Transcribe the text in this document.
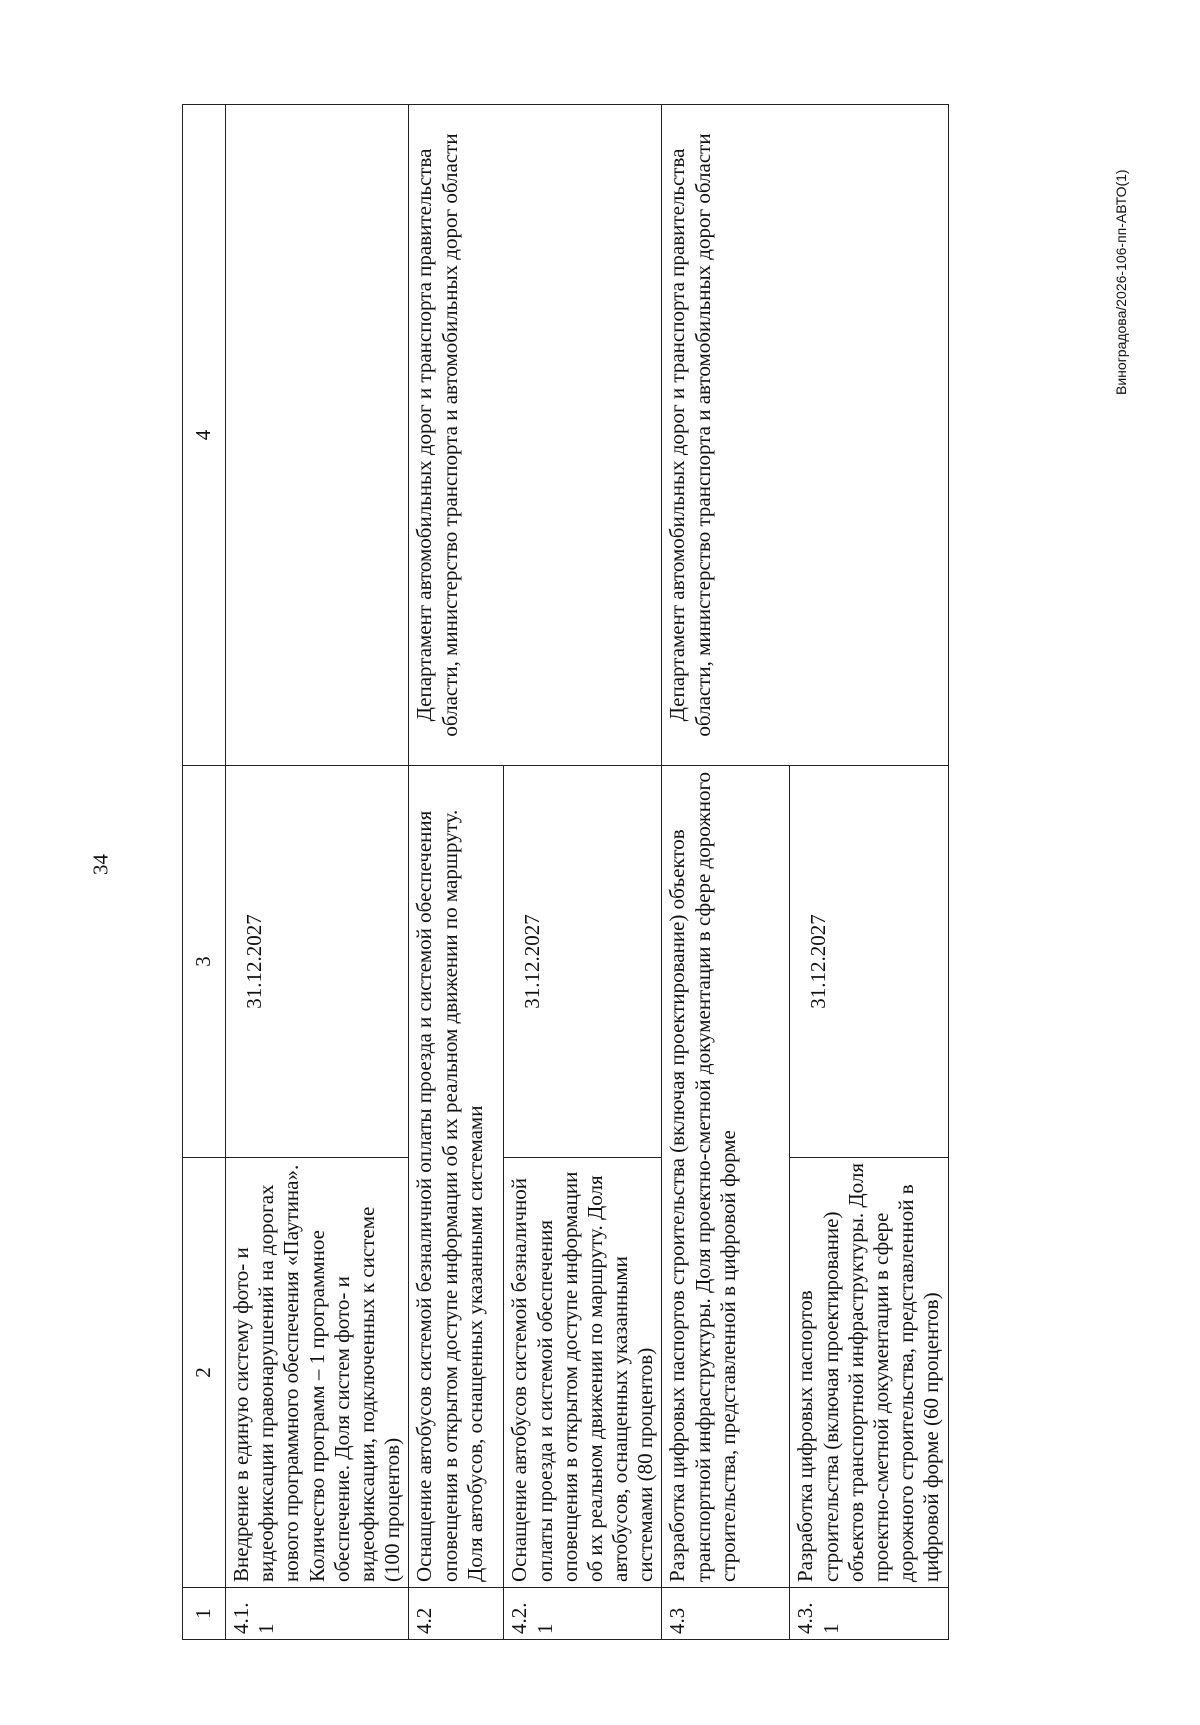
34
Виноградова/2026-106-пп-АВТО(1)
1	2	3	4
4.1.1	Внедрение в единую систему фото- и видеофиксации правонарушений на дорогах нового программного обеспечения «Паутина». Количество программ – 1 программное обеспечение. Доля систем фото- и видеофиксации, подключенных к системе (100 процентов)	31.12.2027	
4.2	Оснащение автобусов системой безналичной оплаты проезда и системой обеспечения оповещения в открытом доступе информации об их реальном движении по маршруту. Доля автобусов, оснащенных указанными системами		Департамент автомобильных дорог и транспорта правительства области, министерство транспорта и автомобильных дорог области
4.2.1	Оснащение автобусов системой безналичной оплаты проезда и системой обеспечения оповещения в открытом доступе информации об их реальном движении по маршруту. Доля автобусов, оснащенных указанными системами (80 процентов)	31.12.2027	
4.3	Разработка цифровых паспортов строительства (включая проектирование) объектов транспортной инфраструктуры. Доля проектно-сметной документации в сфере дорожного строительства, представленной в цифровой форме		Департамент автомобильных дорог и транспорта правительства области, министерство транспорта и автомобильных дорог области
4.3.1	Разработка цифровых паспортов строительства (включая проектирование) объектов транспортной инфраструктуры. Доля проектно-сметной документации в сфере дорожного строительства, представленной в цифровой форме (60 процентов)	31.12.2027	
